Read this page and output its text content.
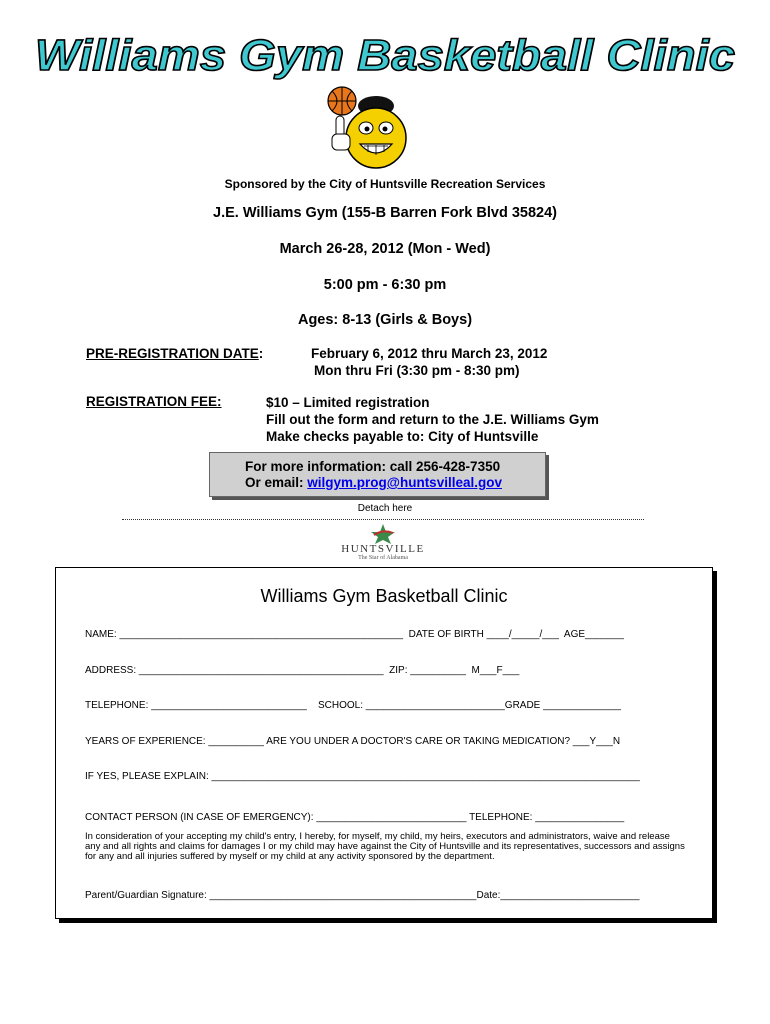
Williams Gym Basketball Clinic
Sponsored by the City of Huntsville Recreation Services
J.E. Williams Gym (155-B Barren Fork Blvd 35824)
March 26-28, 2012 (Mon - Wed)
5:00 pm - 6:30 pm
Ages: 8-13 (Girls & Boys)
PRE-REGISTRATION DATE:	February 6, 2012 thru March 23, 2012
Mon thru Fri (3:30 pm - 8:30 pm)
REGISTRATION FEE:	$10 – Limited registration
Fill out the form and return to the J.E. Williams Gym
Make checks payable to: City of Huntsville
For more information: call 256-428-7350
Or email: wilgym.prog@huntsvilleal.gov
Detach here
HUNTSVILLE
The Star of Alabama
Williams Gym Basketball Clinic
NAME: ___________________________________________________  DATE OF BIRTH ____/_____/___  AGE_______
ADDRESS: ____________________________________________  ZIP: __________  M___F___
TELEPHONE: ____________________________    SCHOOL: _________________________GRADE ______________
YEARS OF EXPERIENCE: __________ ARE YOU UNDER A DOCTOR'S CARE OR TAKING MEDICATION? ___Y___N
IF YES, PLEASE EXPLAIN: _____________________________________________________________________________
CONTACT PERSON (IN CASE OF EMERGENCY): ___________________________ TELEPHONE: ________________
In consideration of your accepting my child's entry, I hereby, for myself, my child, my heirs, executors and administrators, waive and release any and all rights and claims for damages I or my child may have against the City of Huntsville and its representatives, successors and assigns for any and all injuries suffered by myself or my child at any activity sponsored by the department.
Parent/Guardian Signature: ________________________________________________Date:_________________________
